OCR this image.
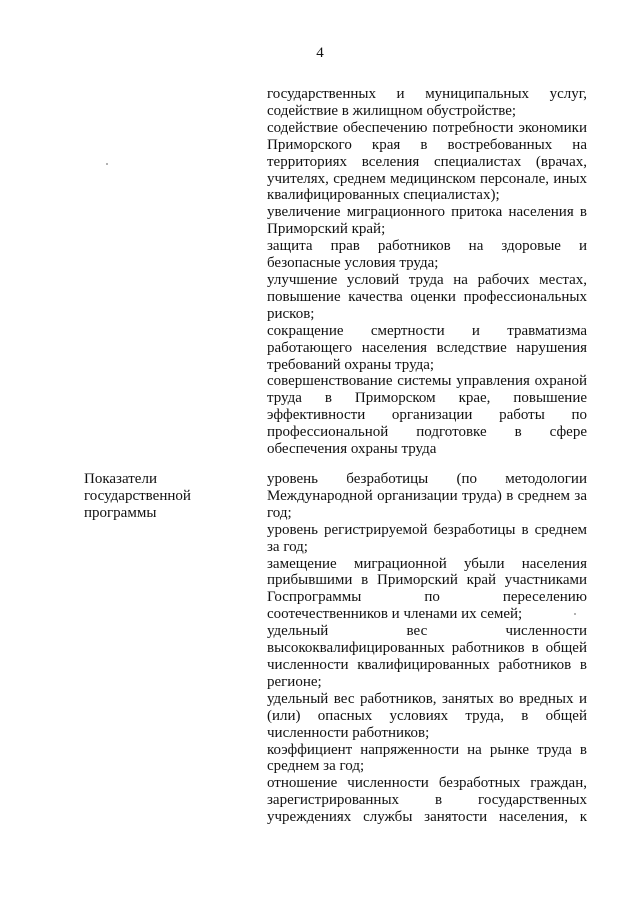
4

государственных и муниципальных услуг, содействие в жилищном обустройстве;

содействие обеспечению потребности экономики Приморского края в востребованных на территориях вселения специалистах (врачах, учителях, среднем медицинском персонале, иных квалифицированных специалистах);

увеличение миграционного притока населения в Приморский край;

защита прав работников на здоровые и безопасные условия труда;

улучшение условий труда на рабочих местах, повышение качества оценки профессиональных рисков;

сокращение смертности и травматизма работающего населения вследствие нарушения требований охраны труда;

совершенствование системы управления охраной труда в Приморском крае, повышение эффективности организации работы по профессиональной подготовке в сфере обеспечения охраны труда

Показатели
государственной
программы

уровень безработицы (по методологии Международной организации труда) в среднем за год;

уровень регистрируемой безработицы в среднем за год;

замещение миграционной убыли населения прибывшими в Приморский край участниками Госпрограммы по переселению соотечественников и членами их семей;

удельный вес численности высококвалифицированных работников в общей численности квалифицированных работников в регионе;

удельный вес работников, занятых во вредных и (или) опасных условиях труда, в общей численности работников;

коэффициент напряженности на рынке труда в среднем за год;

отношение численности безработных граждан, зарегистрированных в государственных учреждениях службы занятости населения, к
